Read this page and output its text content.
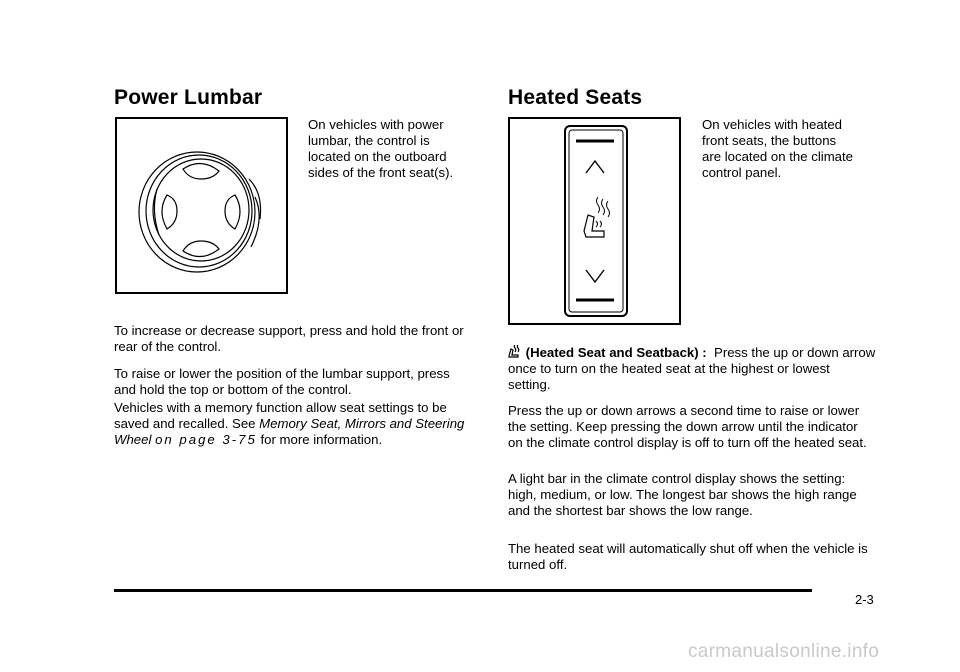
Power Lumbar
On vehicles with power
lumbar, the control is
located on the outboard
sides of the front seat(s).
To increase or decrease support, press and hold the front or rear of the control.
To raise or lower the position of the lumbar support, press and hold the top or bottom of the control.
Vehicles with a memory function allow seat settings to be saved and recalled. See Memory Seat, Mirrors and Steering Wheel on page 3-75 for more information.
Heated Seats
On vehicles with heated
front seats, the buttons
are located on the climate
control panel.
(Heated Seat and Seatback) : Press the up or down arrow once to turn on the heated seat at the highest or lowest setting.
Press the up or down arrows a second time to raise or lower the setting. Keep pressing the down arrow until the indicator on the climate control display is off to turn off the heated seat.
A light bar in the climate control display shows the setting: high, medium, or low. The longest bar shows the high range and the shortest bar shows the low range.
The heated seat will automatically shut off when the vehicle is turned off.
2-3
carmanualsonline.info
